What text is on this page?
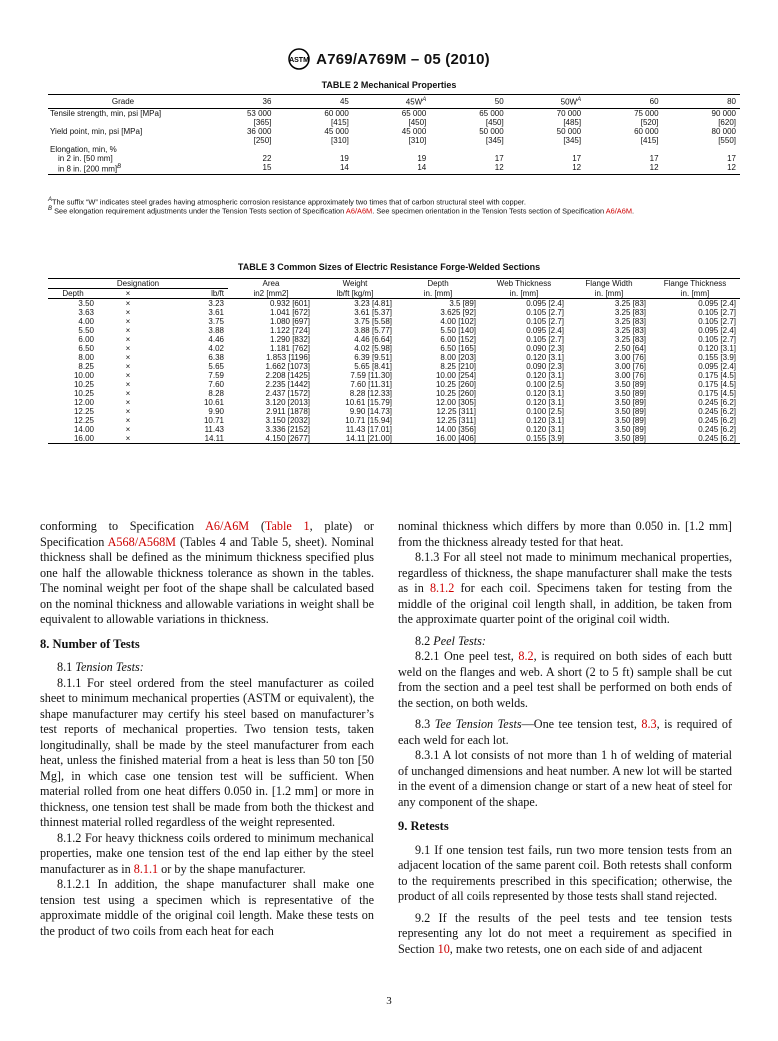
ASTM A769/A769M – 05 (2010)
TABLE 2 Mechanical Properties
Grade	36	45	$45W^A$	50	$50W^A$	60	80
Tensile strength, min, psi [MPa]	53 000	60 000	65 000	65 000	70 000	75 000	90 000
	[365]	[415]	[450]	[450]	[485]	[520]	[620]
Yield point, min, psi [MPa]	36 000	45 000	45 000	50 000	50 000	60 000	80 000
	[250]	[310]	[310]	[345]	[345]	[415]	[550]
Elongation, min, %							
in 2 in. [50 mm]	22	19	19	17	17	17	17
in 8 in. [200 mm]$^B$	15	14	14	12	12	12	12
$^A$The suffix “W” indicates steel grades having atmospheric corrosion resistance approximately two times that of carbon structural steel with copper.
$^B$ See elongation requirement adjustments under the Tension Tests section of Specification A6/A6M. See specimen orientation in the Tension Tests section of Specification A6/A6M.
TABLE 3 Common Sizes of Electric Resistance Forge-Welded Sections
Designation			Area	Weight	Depth	Web Thickness	Flange Width	Flange Thickness
Depth	×	lb/ft	in2 [mm2]	lb/ft [kg/m]	in. [mm]	in. [mm]	in. [mm]	in. [mm]
3.50	×	3.23	0.932 [601]	3.23 [4.81]	3.5 [89]	0.095 [2.4]	3.25 [83]	0.095 [2.4]
3.63	×	3.61	1.041 [672]	3.61 [5.37]	3.625 [92]	0.105 [2.7]	3.25 [83]	0.105 [2.7]
4.00	×	3.75	1.080 [697]	3.75 [5.58]	4.00 [102]	0.105 [2.7]	3.25 [83]	0.105 [2.7]
5.50	×	3.88	1.122 [724]	3.88 [5.77]	5.50 [140]	0.095 [2.4]	3.25 [83]	0.095 [2.4]
6.00	×	4.46	1.290 [832]	4.46 [6.64]	6.00 [152]	0.105 [2.7]	3.25 [83]	0.105 [2.7]
6.50	×	4.02	1.181 [762]	4.02 [5.98]	6.50 [165]	0.090 [2.3]	2.50 [64]	0.120 [3.1]
8.00	×	6.38	1.853 [1196]	6.39 [9.51]	8.00 [203]	0.120 [3.1]	3.00 [76]	0.155 [3.9]
8.25	×	5.65	1.662 [1073]	5.65 [8.41]	8.25 [210]	0.090 [2.3]	3.00 [76]	0.095 [2.4]
10.00	×	7.59	2.208 [1425]	7.59 [11.30]	10.00 [254]	0.120 [3.1]	3.00 [76]	0.175 [4.5]
10.25	×	7.60	2.235 [1442]	7.60 [11.31]	10.25 [260]	0.100 [2.5]	3.50 [89]	0.175 [4.5]
10.25	×	8.28	2.437 [1572]	8.28 [12.33]	10.25 [260]	0.120 [3.1]	3.50 [89]	0.175 [4.5]
12.00	×	10.61	3.120 [2013]	10.61 [15.79]	12.00 [305]	0.120 [3.1]	3.50 [89]	0.245 [6.2]
12.25	×	9.90	2.911 [1878]	9.90 [14.73]	12.25 [311]	0.100 [2.5]	3.50 [89]	0.245 [6.2]
12.25	×	10.71	3.150 [2032]	10.71 [15.94]	12.25 [311]	0.120 [3.1]	3.50 [89]	0.245 [6.2]
14.00	×	11.43	3.336 [2152]	11.43 [17.01]	14.00 [356]	0.120 [3.1]	3.50 [89]	0.245 [6.2]
16.00	×	14.11	4.150 [2677]	14.11 [21.00]	16.00 [406]	0.155 [3.9]	3.50 [89]	0.245 [6.2]

conforming to Specification A6/A6M (Table 1, plate) or Specification A568/A568M (Tables 4 and Table 5, sheet). Nominal thickness shall be defined as the minimum thickness specified plus one half the allowable thickness tolerance as shown in the tables. The nominal weight per foot of the shape shall be calculated based on the nominal thickness and allowable variations in weight shall be equivalent to allowable variations in thickness.

8. Number of Tests

8.1 Tension Tests:

8.1.1 For steel ordered from the steel manufacturer as coiled sheet to minimum mechanical properties (ASTM or equivalent), the shape manufacturer may certify his steel based on manufacturer’s test reports of mechanical properties. Two tension tests, taken longitudinally, shall be made by the steel manufacturer from each heat, unless the finished material from a heat is less than 50 ton [50 Mg], in which case one tension test will be sufficient. When material rolled from one heat differs 0.050 in. [1.2 mm] or more in thickness, one tension test shall be made from both the thickest and thinnest material rolled regardless of the weight represented.

8.1.2 For heavy thickness coils ordered to minimum mechanical properties, make one tension test of the end lap either by the steel manufacturer as in 8.1.1 or by the shape manufacturer.

8.1.2.1 In addition, the shape manufacturer shall make one tension test using a specimen which is representative of the approximate middle of the original coil length. Make these tests on the product of two coils from each heat for each

nominal thickness which differs by more than 0.050 in. [1.2 mm] from the thickness already tested for that heat.

8.1.3 For all steel not made to minimum mechanical properties, regardless of thickness, the shape manufacturer shall make the tests as in 8.1.2 for each coil. Specimens taken for testing from the middle of the original coil length shall, in addition, be taken from the approximate quarter point of the original coil width.

8.2 Peel Tests:

8.2.1 One peel test, 8.2, is required on both sides of each butt weld on the flanges and web. A short (2 to 5 ft) sample shall be cut from the section and a peel test shall be performed on both ends of the section, on both welds.

8.3 Tee Tension Tests—One tee tension test, 8.3, is required of each weld for each lot.

8.3.1 A lot consists of not more than 1 h of welding of material of unchanged dimensions and heat number. A new lot will be started in the event of a dimension change or start of a new heat of steel for any component of the shape.

9. Retests

9.1 If one tension test fails, run two more tension tests from an adjacent location of the same parent coil. Both retests shall conform to the requirements prescribed in this specification; otherwise, the product of all coils represented by those tests shall stand rejected.

9.2 If the results of the peel tests and tee tension tests representing any lot do not meet a requirement as specified in Section 10, make two retests, one on each side of and adjacent

3
